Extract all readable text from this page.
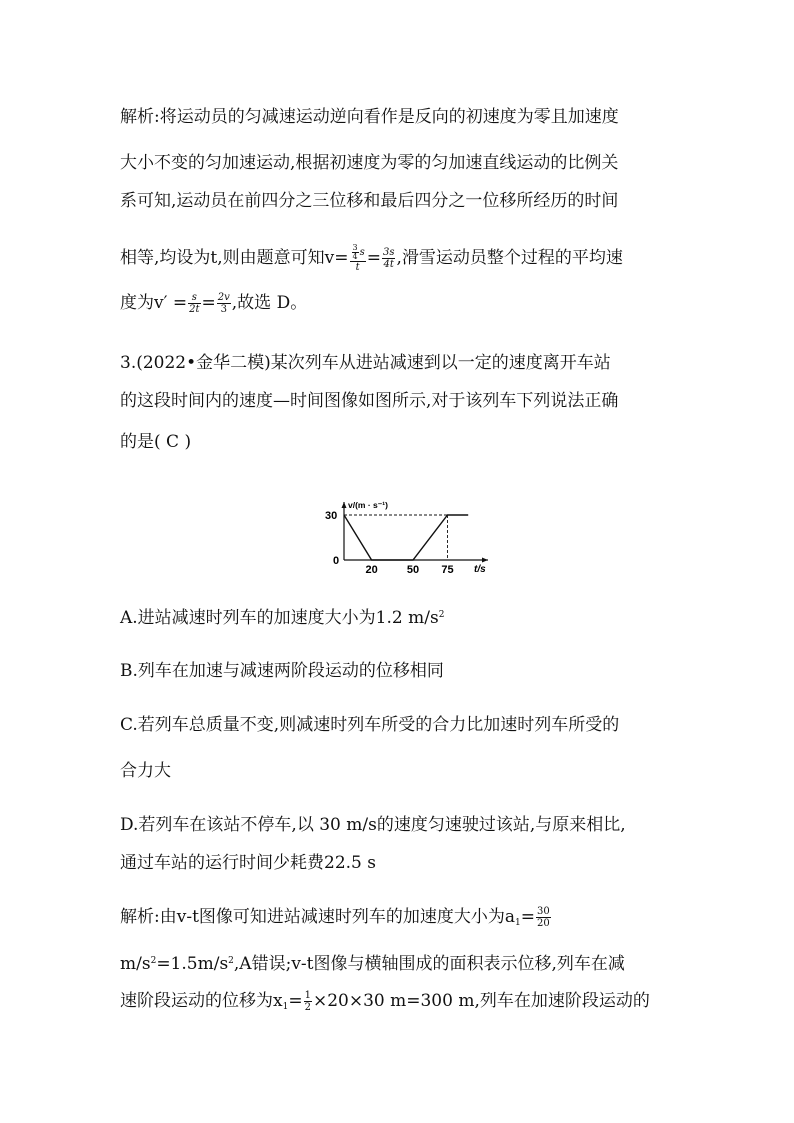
解析:将运动员的匀减速运动逆向看作是反向的初速度为零且加速度
大小不变的匀加速运动,根据初速度为零的匀加速直线运动的比例关
系可知,运动员在前四分之三位移和最后四分之一位移所经历的时间
相等,均设为t,则由题意可知$v= \frac{\frac{3}{4} s}{t} = \frac{3s}{4t}$ ,滑雪运动员整个过程的平均速
度为$v' = \frac{s}{2t} = \frac{2v}{3}$ ,故选 D。
3.(2022•金华二模)某次列车从进站减速到以一定的速度离开车站
的这段时间内的速度—时间图像如图所示,对于该列车下列说法正确
的是( C )
v/(m · s⁻¹)
t/s
0
30
20	50 75
A.进站减速时列车的加速度大小为1.2 $m/s^2$
B.列车在加速与减速两阶段运动的位移相同
C.若列车总质量不变,则减速时列车所受的合力比加速时列车所受的
合力大
D.若列车在该站不停车,以 30 m/s的速度匀速驶过该站,与原来相比,
通过车站的运行时间少耗费22.5 s
解析:由v-t图像可知进站减速时列车的加速度大小为$a_1= \frac{30}{20}$
$m/s^2=1.5m/s^2,A$错误;v-t图像与横轴围成的面积表示位移,列车在减
速阶段运动的位移为$x_1= \frac{1}{2} \times 20\times 30$ m=300 m,列车在加速阶段运动的
